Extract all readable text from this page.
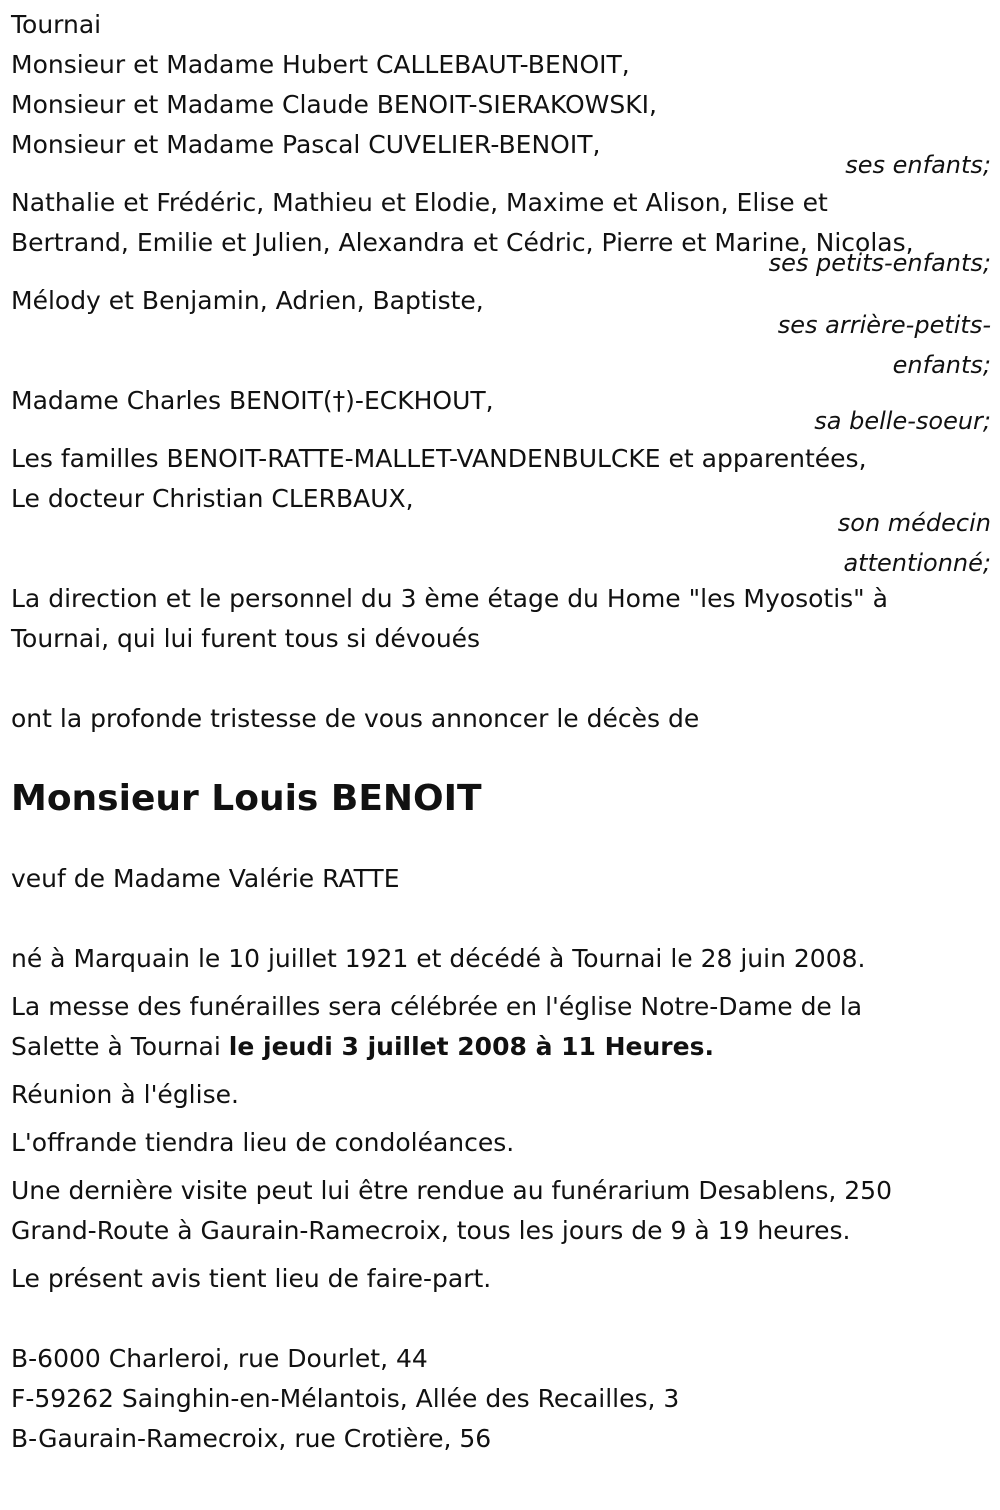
Tournai
Monsieur et Madame Hubert CALLEBAUT-BENOIT,
Monsieur et Madame Claude BENOIT-SIERAKOWSKI,
Monsieur et Madame Pascal CUVELIER-BENOIT,
ses enfants;
Nathalie et Frédéric, Mathieu et Elodie, Maxime et Alison, Elise et
Bertrand, Emilie et Julien, Alexandra et Cédric, Pierre et Marine, Nicolas,
ses petits-enfants;
Mélody et Benjamin, Adrien, Baptiste,
ses arrière-petits-
enfants;
Madame Charles BENOIT(†)-ECKHOUT,
sa belle-soeur;
Les familles BENOIT-RATTE-MALLET-VANDENBULCKE et apparentées,
Le docteur Christian CLERBAUX,
son médecin
attentionné;
La direction et le personnel du 3 ème étage du Home "les Myosotis" à
Tournai, qui lui furent tous si dévoués
ont la profonde tristesse de vous annoncer le décès de
Monsieur Louis BENOIT
veuf de Madame Valérie RATTE
né à Marquain le 10 juillet 1921 et décédé à Tournai le 28 juin 2008.
La messe des funérailles sera célébrée en l'église Notre-Dame de la
Salette à Tournai le jeudi 3 juillet 2008 à 11 Heures.
Réunion à l'église.
L'offrande tiendra lieu de condoléances.
Une dernière visite peut lui être rendue au funérarium Desablens, 250
Grand-Route à Gaurain-Ramecroix, tous les jours de 9 à 19 heures.
Le présent avis tient lieu de faire-part.
B-6000 Charleroi, rue Dourlet, 44
F-59262 Sainghin-en-Mélantois, Allée des Recailles, 3
B-Gaurain-Ramecroix, rue Crotière, 56
